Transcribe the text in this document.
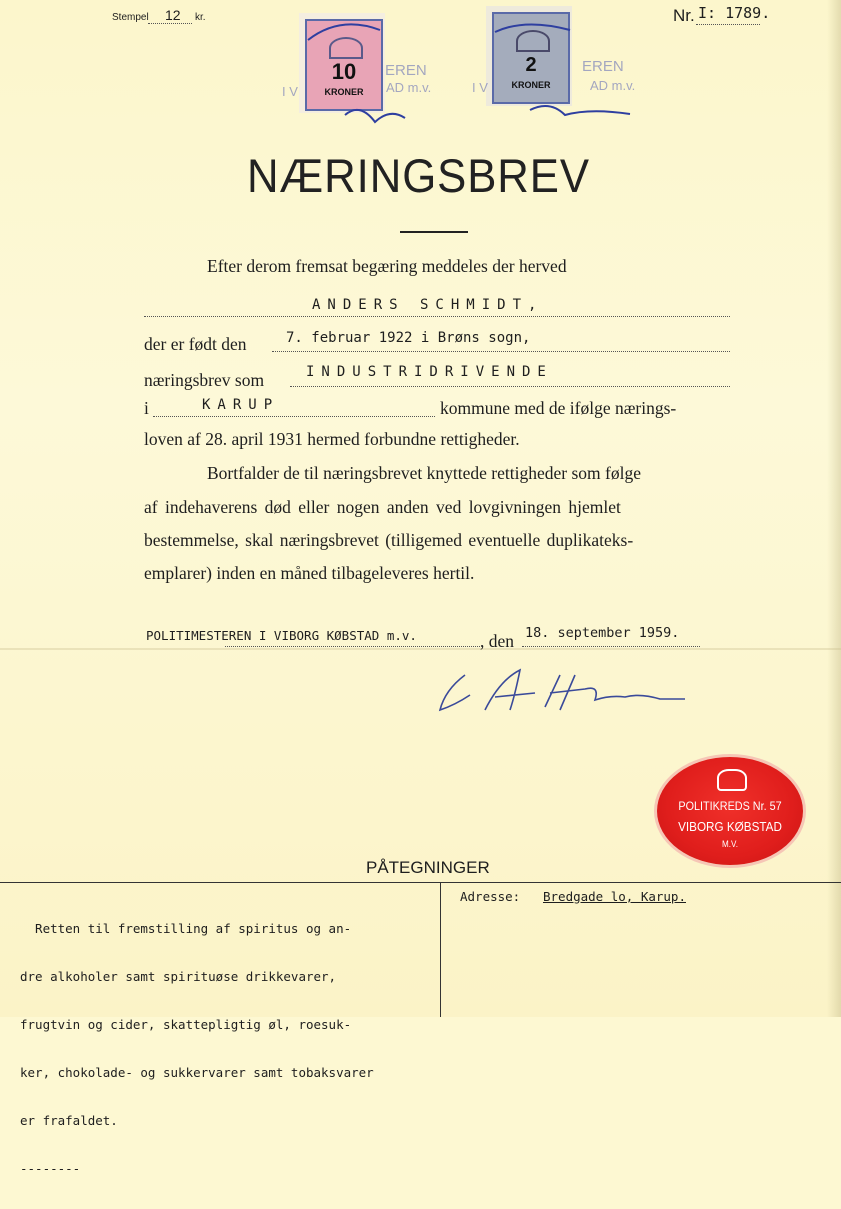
Stempel 12 kr.	Nr. I: 1789.
10
KRONER
2
KRONER
EREN
I V	AD m.v.
EREN
I V	AD m.v.
NÆRINGSBREV
Efter derom fremsat begæring meddeles der herved
ANDERS SCHMIDT,
der er født den	7. februar 1922 i Brøns sogn,
næringsbrev som	INDUSTRIDRIVENDE
i	KARUP	kommune med de ifølge nærings-
loven af 28. april 1931 hermed forbundne rettigheder.
Bortfalder de til næringsbrevet knyttede rettigheder som følge
af indehaverens død eller nogen anden ved lovgivningen hjemlet
bestemmelse, skal næringsbrevet (tilligemed eventuelle duplikateks-
emplarer) inden en måned tilbageleveres hertil.
POLITIMESTEREN I VIBORG KØBSTAD m.v.	, den 18. september 1959.
POLITIKREDS Nr. 57
VIBORG KØBSTAD
M.V.
PÅTEGNINGER

Retten til fremstilling af spiritus og an-

dre alkoholer samt spirituøse drikkevarer,

frugtvin og cider, skattepligtig øl, roesuk-

ker, chokolade- og sukkervarer samt tobaksvarer

er frafaldet.

--------

Adresse: Bredgade lo, Karup.
